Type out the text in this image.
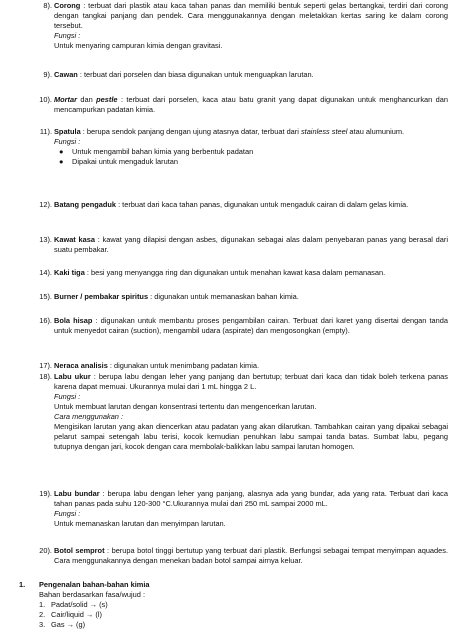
8). Corong : terbuat dari plastik atau kaca tahan panas dan memiliki bentuk seperti gelas bertangkai, terdiri dari corong dengan tangkai panjang dan pendek. Cara menggunakannya dengan meletakkan kertas saring ke dalam corong tersebut.

Fungsi :

Untuk menyaring campuran kimia dengan gravitasi.

9). Cawan : terbuat dari porselen dan biasa digunakan untuk menguapkan larutan.

10). Mortar dan pestle : terbuat dari porselen, kaca atau batu granit yang dapat digunakan untuk menghancurkan dan mencampurkan padatan kimia.

11). Spatula : berupa sendok panjang dengan ujung atasnya datar, terbuat dari stainless steel atau alumunium.

Fungsi :

● Untuk mengambil bahan kimia yang berbentuk padatan

● Dipakai untuk mengaduk larutan

12). Batang pengaduk : terbuat dari kaca tahan panas, digunakan untuk mengaduk cairan di dalam gelas kimia.

13). Kawat kasa : kawat yang dilapisi dengan asbes, digunakan sebagai alas dalam penyebaran panas yang berasal dari suatu pembakar.

14). Kaki tiga : besi yang menyangga ring dan digunakan untuk menahan kawat kasa dalam pemanasan.

15). Burner / pembakar spiritus : digunakan untuk memanaskan bahan kimia.

16). Bola hisap : digunakan untuk membantu proses pengambilan cairan. Terbuat dari karet yang disertai dengan tanda untuk menyedot cairan (suction), mengambil udara (aspirate) dan mengosongkan (empty).

17). Neraca analisis : digunakan untuk menimbang padatan kimia.

18). Labu ukur : berupa labu dengan leher yang panjang dan bertutup; terbuat dari kaca dan tidak boleh terkena panas karena dapat memuai. Ukurannya mulai dari 1 mL hingga 2 L.

Fungsi :

Untuk membuat larutan dengan konsentrasi tertentu dan mengencerkan larutan.

Cara menggunakan :

Mengisikan larutan yang akan diencerkan atau padatan yang akan dilarutkan. Tambahkan cairan yang dipakai sebagai pelarut sampai setengah labu terisi, kocok kemudian penuhkan labu sampai tanda batas. Sumbat labu, pegang tutupnya dengan jari, kocok dengan cara membolak-balikkan labu sampai larutan homogen.

19). Labu bundar : berupa labu dengan leher yang panjang, alasnya ada yang bundar, ada yang rata. Terbuat dari kaca tahan panas pada suhu 120-300 °C.Ukurannya mulai dari 250 mL sampai 2000 mL.

Fungsi :

Untuk memanaskan larutan dan menyimpan larutan.

20). Botol semprot : berupa botol tinggi bertutup yang terbuat dari plastik. Berfungsi sebagai tempat menyimpan aquades. Cara menggunakannya dengan menekan badan botol sampai airnya keluar.

1. Pengenalan bahan-bahan kimia

Bahan berdasarkan fasa/wujud :

1. Padat/solid → (s)
2. Cair/liquid → (l)
3. Gas → (g)
